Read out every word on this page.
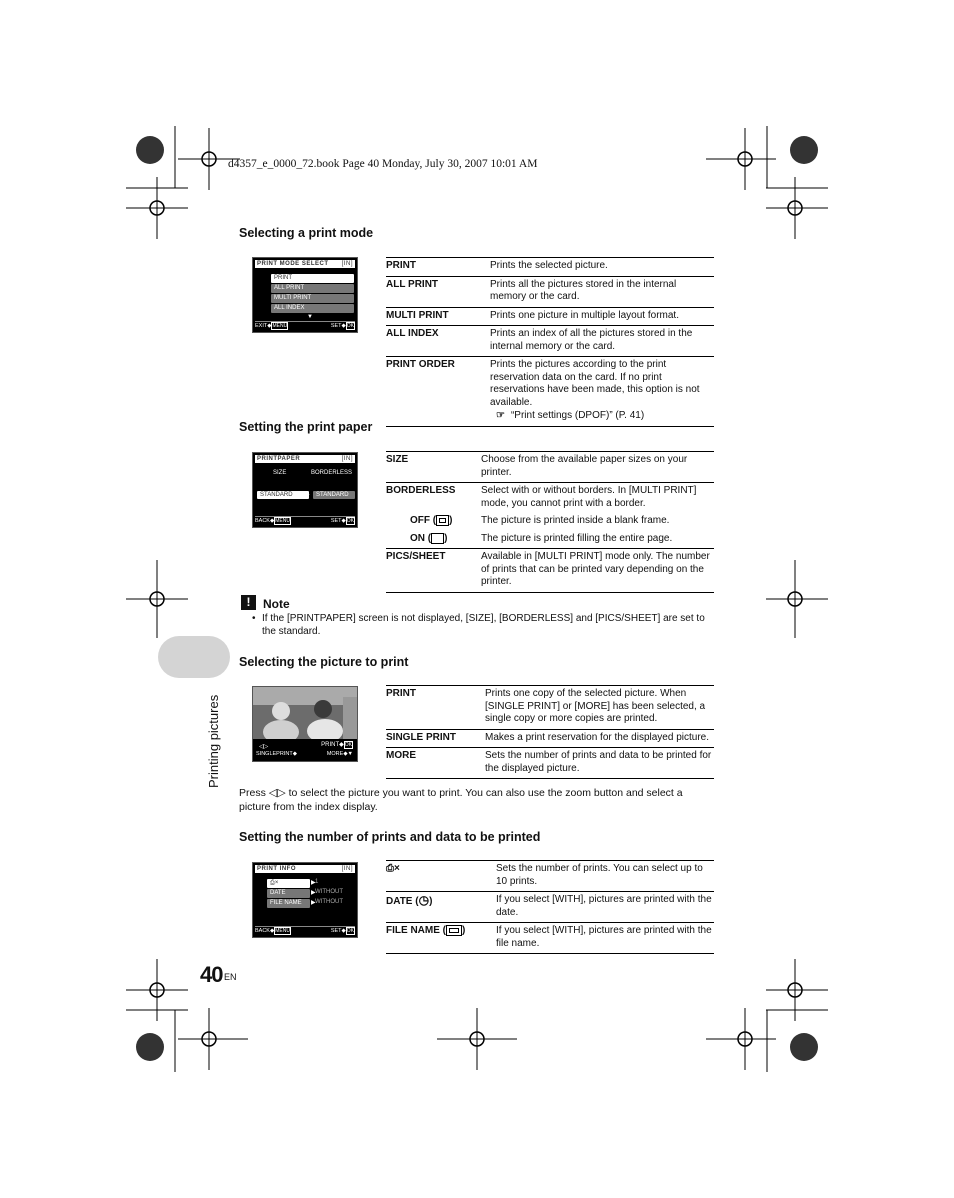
d4357_e_0000_72.book Page 40 Monday, July 30, 2007 10:01 AM
Printing pictures
Selecting a print mode
PRINT MODE SELECT [IN]
PRINT
ALL PRINT
MULTI PRINT
ALL INDEX
▼
EXIT◆MENU	SET◆OK
PRINT	Prints the selected picture.
ALL PRINT	Prints all the pictures stored in the internal memory or the card.
MULTI PRINT	Prints one picture in multiple layout format.
ALL INDEX	Prints an index of all the pictures stored in the internal memory or the card.
PRINT ORDER	Prints the pictures according to the print reservation data on the card. If no print reservations have been made, this option is not available.
☞ “Print settings (DPOF)” (P. 41)
Setting the print paper
PRINTPAPER	[IN]
SIZE	BORDERLESS
STANDARD	▶	STANDARD
BACK◆MENU	SET◆OK
SIZE	Choose from the available paper sizes on your printer.
BORDERLESS	Select with or without borders. In [MULTI PRINT] mode, you cannot print with a border.
OFF ( )	The picture is printed inside a blank frame.
ON ( )	The picture is printed filling the entire page.
PICS/SHEET	Available in [MULTI PRINT] mode only. The number of prints that can be printed vary depending on the printer.
!	Note
• If the [PRINTPAPER] screen is not displayed, [SIZE], [BORDERLESS] and [PICS/SHEET] are set to the standard.
Selecting the picture to print
◁▷	PRINT◆OK
SINGLEPRINT◆	MORE◆▼
PRINT	Prints one copy of the selected picture. When [SINGLE PRINT] or [MORE] has been selected, a single copy or more copies are printed.
SINGLE PRINT	Makes a print reservation for the displayed picture.
MORE	Sets the number of prints and data to be printed for the displayed picture.
Press ◁▷ to select the picture you want to print. You can also use the zoom button and select a picture from the index display.
Setting the number of prints and data to be printed
PRINT INFO	[IN]
⎙×	▶ 1
DATE	▶ WITHOUT
FILE NAME	▶ WITHOUT
BACK◆MENU	SET◆OK
⎙×	Sets the number of prints. You can select up to 10 prints.
DATE (◷)	If you select [WITH], pictures are printed with the date.
FILE NAME ( )	If you select [WITH], pictures are printed with the file name.
40 EN
